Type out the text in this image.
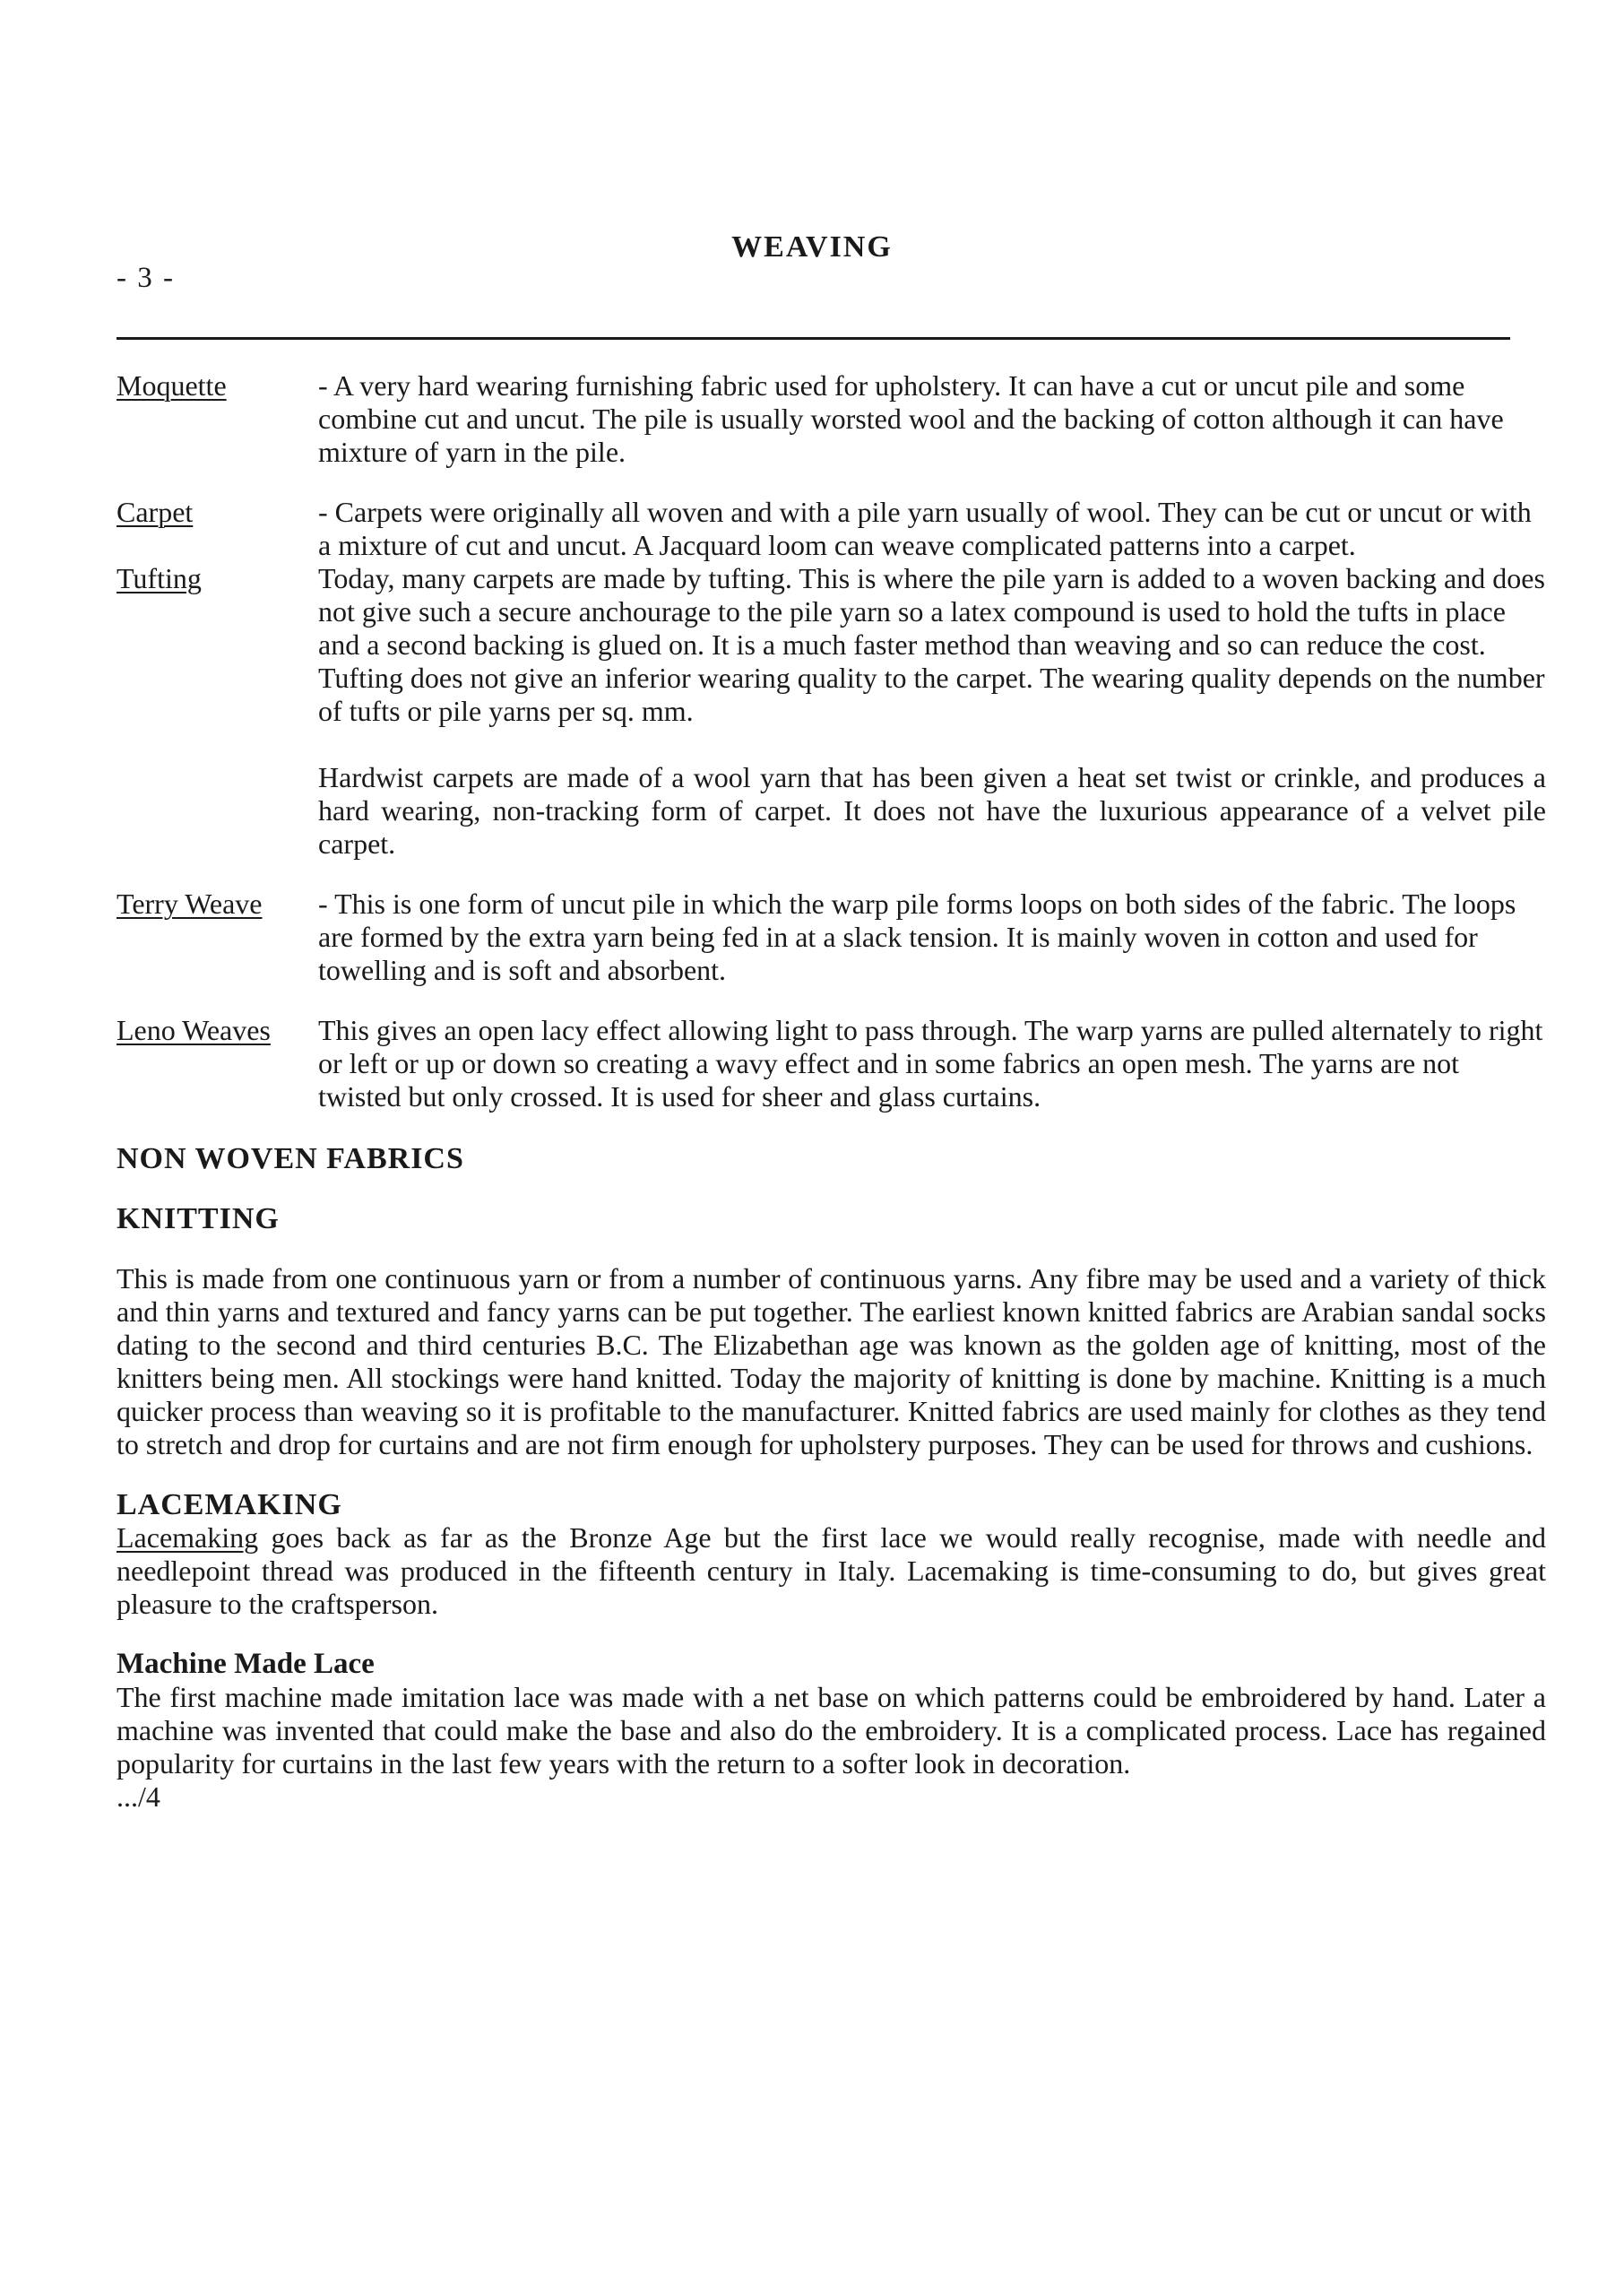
- 3 -
WEAVING
Moquette	- A very hard wearing furnishing fabric used for upholstery. It can have a cut or uncut pile and some combine cut and uncut. The pile is usually worsted wool and the backing of cotton although it can have mixture of yarn in the pile.
Carpet	- Carpets were originally all woven and with a pile yarn usually of wool. They can be cut or uncut or with a mixture of cut and uncut. A Jacquard loom can weave complicated patterns into a carpet.
Tufting	Today, many carpets are made by tufting. This is where the pile yarn is added to a woven backing and does not give such a secure anchourage to the pile yarn so a latex compound is used to hold the tufts in place and a second backing is glued on. It is a much faster method than weaving and so can reduce the cost. Tufting does not give an inferior wearing quality to the carpet. The wearing quality depends on the number of tufts or pile yarns per sq. mm.
Hardwist carpets are made of a wool yarn that has been given a heat set twist or crinkle, and produces a hard wearing, non-tracking form of carpet. It does not have the luxurious appearance of a velvet pile carpet.
Terry Weave	- This is one form of uncut pile in which the warp pile forms loops on both sides of the fabric. The loops are formed by the extra yarn being fed in at a slack tension. It is mainly woven in cotton and used for towelling and is soft and absorbent.
Leno Weaves	This gives an open lacy effect allowing light to pass through. The warp yarns are pulled alternately to right or left or up or down so creating a wavy effect and in some fabrics an open mesh. The yarns are not twisted but only crossed. It is used for sheer and glass curtains.
NON WOVEN FABRICS
KNITTING
This is made from one continuous yarn or from a number of continuous yarns. Any fibre may be used and a variety of thick and thin yarns and textured and fancy yarns can be put together. The earliest known knitted fabrics are Arabian sandal socks dating to the second and third centuries B.C. The Elizabethan age was known as the golden age of knitting, most of the knitters being men. All stockings were hand knitted. Today the majority of knitting is done by machine. Knitting is a much quicker process than weaving so it is profitable to the manufacturer. Knitted fabrics are used mainly for clothes as they tend to stretch and drop for curtains and are not firm enough for upholstery purposes. They can be used for throws and cushions.
LACEMAKING
Lacemaking goes back as far as the Bronze Age but the first lace we would really recognise, made with needle and needlepoint thread was produced in the fifteenth century in Italy. Lacemaking is time-consuming to do, but gives great pleasure to the craftsperson.
Machine Made Lace
The first machine made imitation lace was made with a net base on which patterns could be embroidered by hand. Later a machine was invented that could make the base and also do the embroidery. It is a complicated process. Lace has regained popularity for curtains in the last few years with the return to a softer look in decoration.
.../4
